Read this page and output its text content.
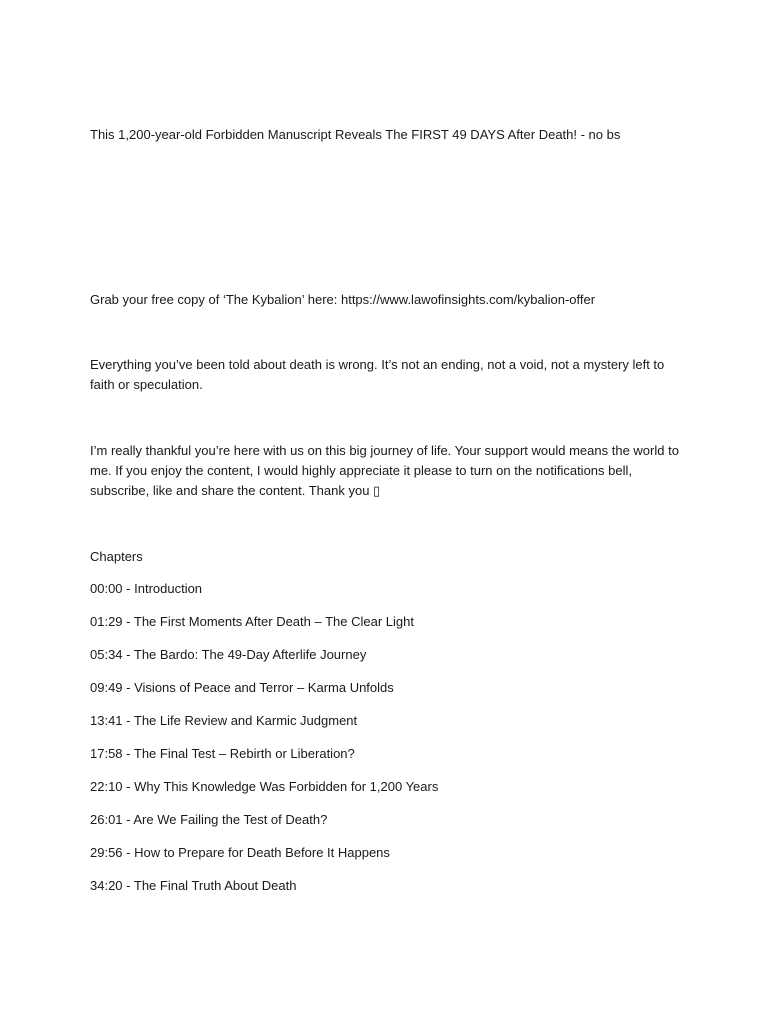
This 1,200-year-old Forbidden Manuscript Reveals The FIRST 49 DAYS After Death! - no bs

Grab your free copy of ‘The Kybalion’ here: https://www.lawofinsights.com/kybalion-offer

Everything you’ve been told about death is wrong. It’s not an ending, not a void, not a mystery left to faith or speculation.

I’m really thankful you’re here with us on this big journey of life. Your support would means the world to me. If you enjoy the content, I would highly appreciate it please to turn on the notifications bell, subscribe, like and share the content. Thank you ▯

Chapters

00:00 - Introduction
01:29 - The First Moments After Death – The Clear Light
05:34 - The Bardo: The 49-Day Afterlife Journey
09:49 - Visions of Peace and Terror – Karma Unfolds
13:41 - The Life Review and Karmic Judgment
17:58 - The Final Test – Rebirth or Liberation?
22:10 - Why This Knowledge Was Forbidden for 1,200 Years
26:01 - Are We Failing the Test of Death?
29:56 - How to Prepare for Death Before It Happens
34:20 - The Final Truth About Death
